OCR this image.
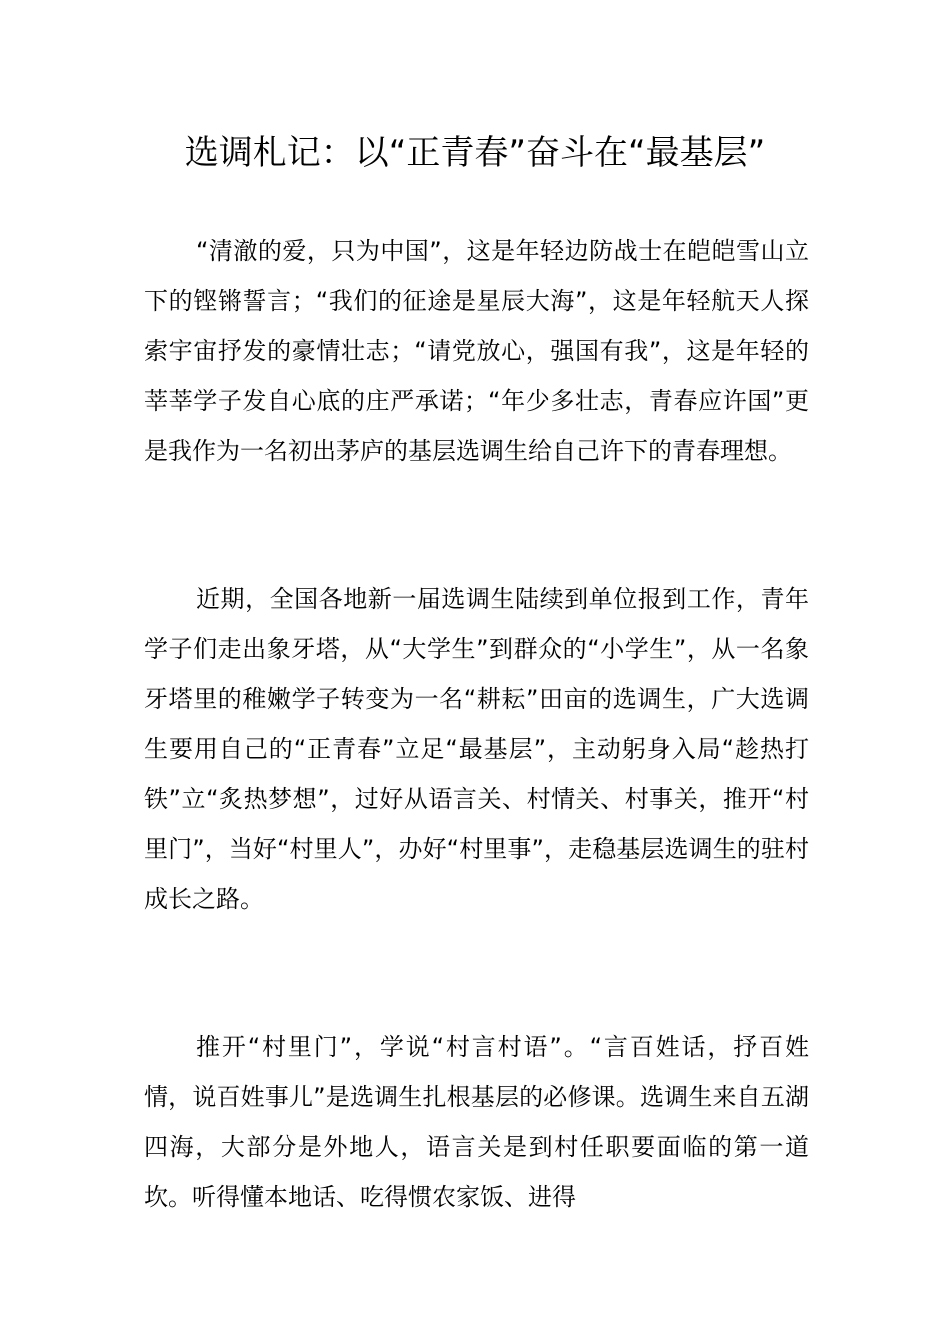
选调札记：以“正青春”奋斗在“最基层”

“清澈的爱，只为中国”，这是年轻边防战士在皑皑雪山立下的铿锵誓言；“我们的征途是星辰大海”，这是年轻航天人探索宇宙抒发的豪情壮志；“请党放心，强国有我”，这是年轻的莘莘学子发自心底的庄严承诺；“年少多壮志，青春应许国”更是我作为一名初出茅庐的基层选调生给自己许下的青春理想。

近期，全国各地新一届选调生陆续到单位报到工作，青年学子们走出象牙塔，从“大学生”到群众的“小学生”，从一名象牙塔里的稚嫩学子转变为一名“耕耘”田亩的选调生，广大选调生要用自己的“正青春”立足“最基层”，主动躬身入局“趁热打铁”立“炙热梦想”，过好从语言关、村情关、村事关，推开“村里门”，当好“村里人”，办好“村里事”，走稳基层选调生的驻村成长之路。

推开“村里门”，学说“村言村语”。“言百姓话，抒百姓情，说百姓事儿”是选调生扎根基层的必修课。选调生来自五湖四海，大部分是外地人，语言关是到村任职要面临的第一道坎。听得懂本地话、吃得惯农家饭、进得
